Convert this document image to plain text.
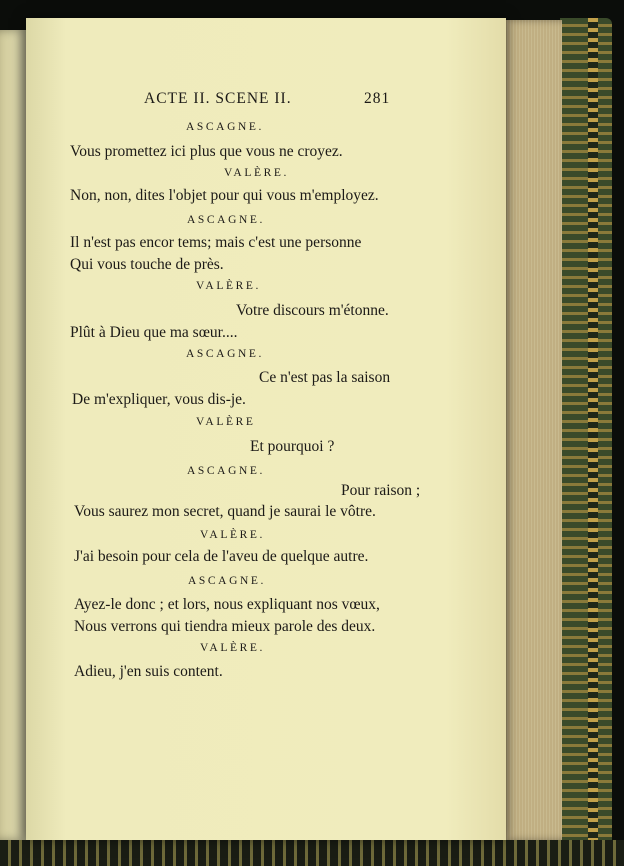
ACTE II. SCENE II.	281
ASCAGNE.
Vous promettez ici plus que vous ne croyez.
VALÈRE.
Non, non, dites l'objet pour qui vous m'employez.
ASCAGNE.
Il n'est pas encor tems; mais c'est une personne
Qui vous touche de près.
VALÈRE.
Votre discours m'étonne.
Plût à Dieu que ma sœur....
ASCAGNE.
Ce n'est pas la saison
De m'expliquer, vous dis-je.
VALÈRE
Et pourquoi ?
ASCAGNE.
Pour raison ;
Vous saurez mon secret, quand je saurai le vôtre.
VALÈRE.
J'ai besoin pour cela de l'aveu de quelque autre.
ASCAGNE.
Ayez-le donc ; et lors, nous expliquant nos vœux,
Nous verrons qui tiendra mieux parole des deux.
VALÈRE.
Adieu, j'en suis content.
